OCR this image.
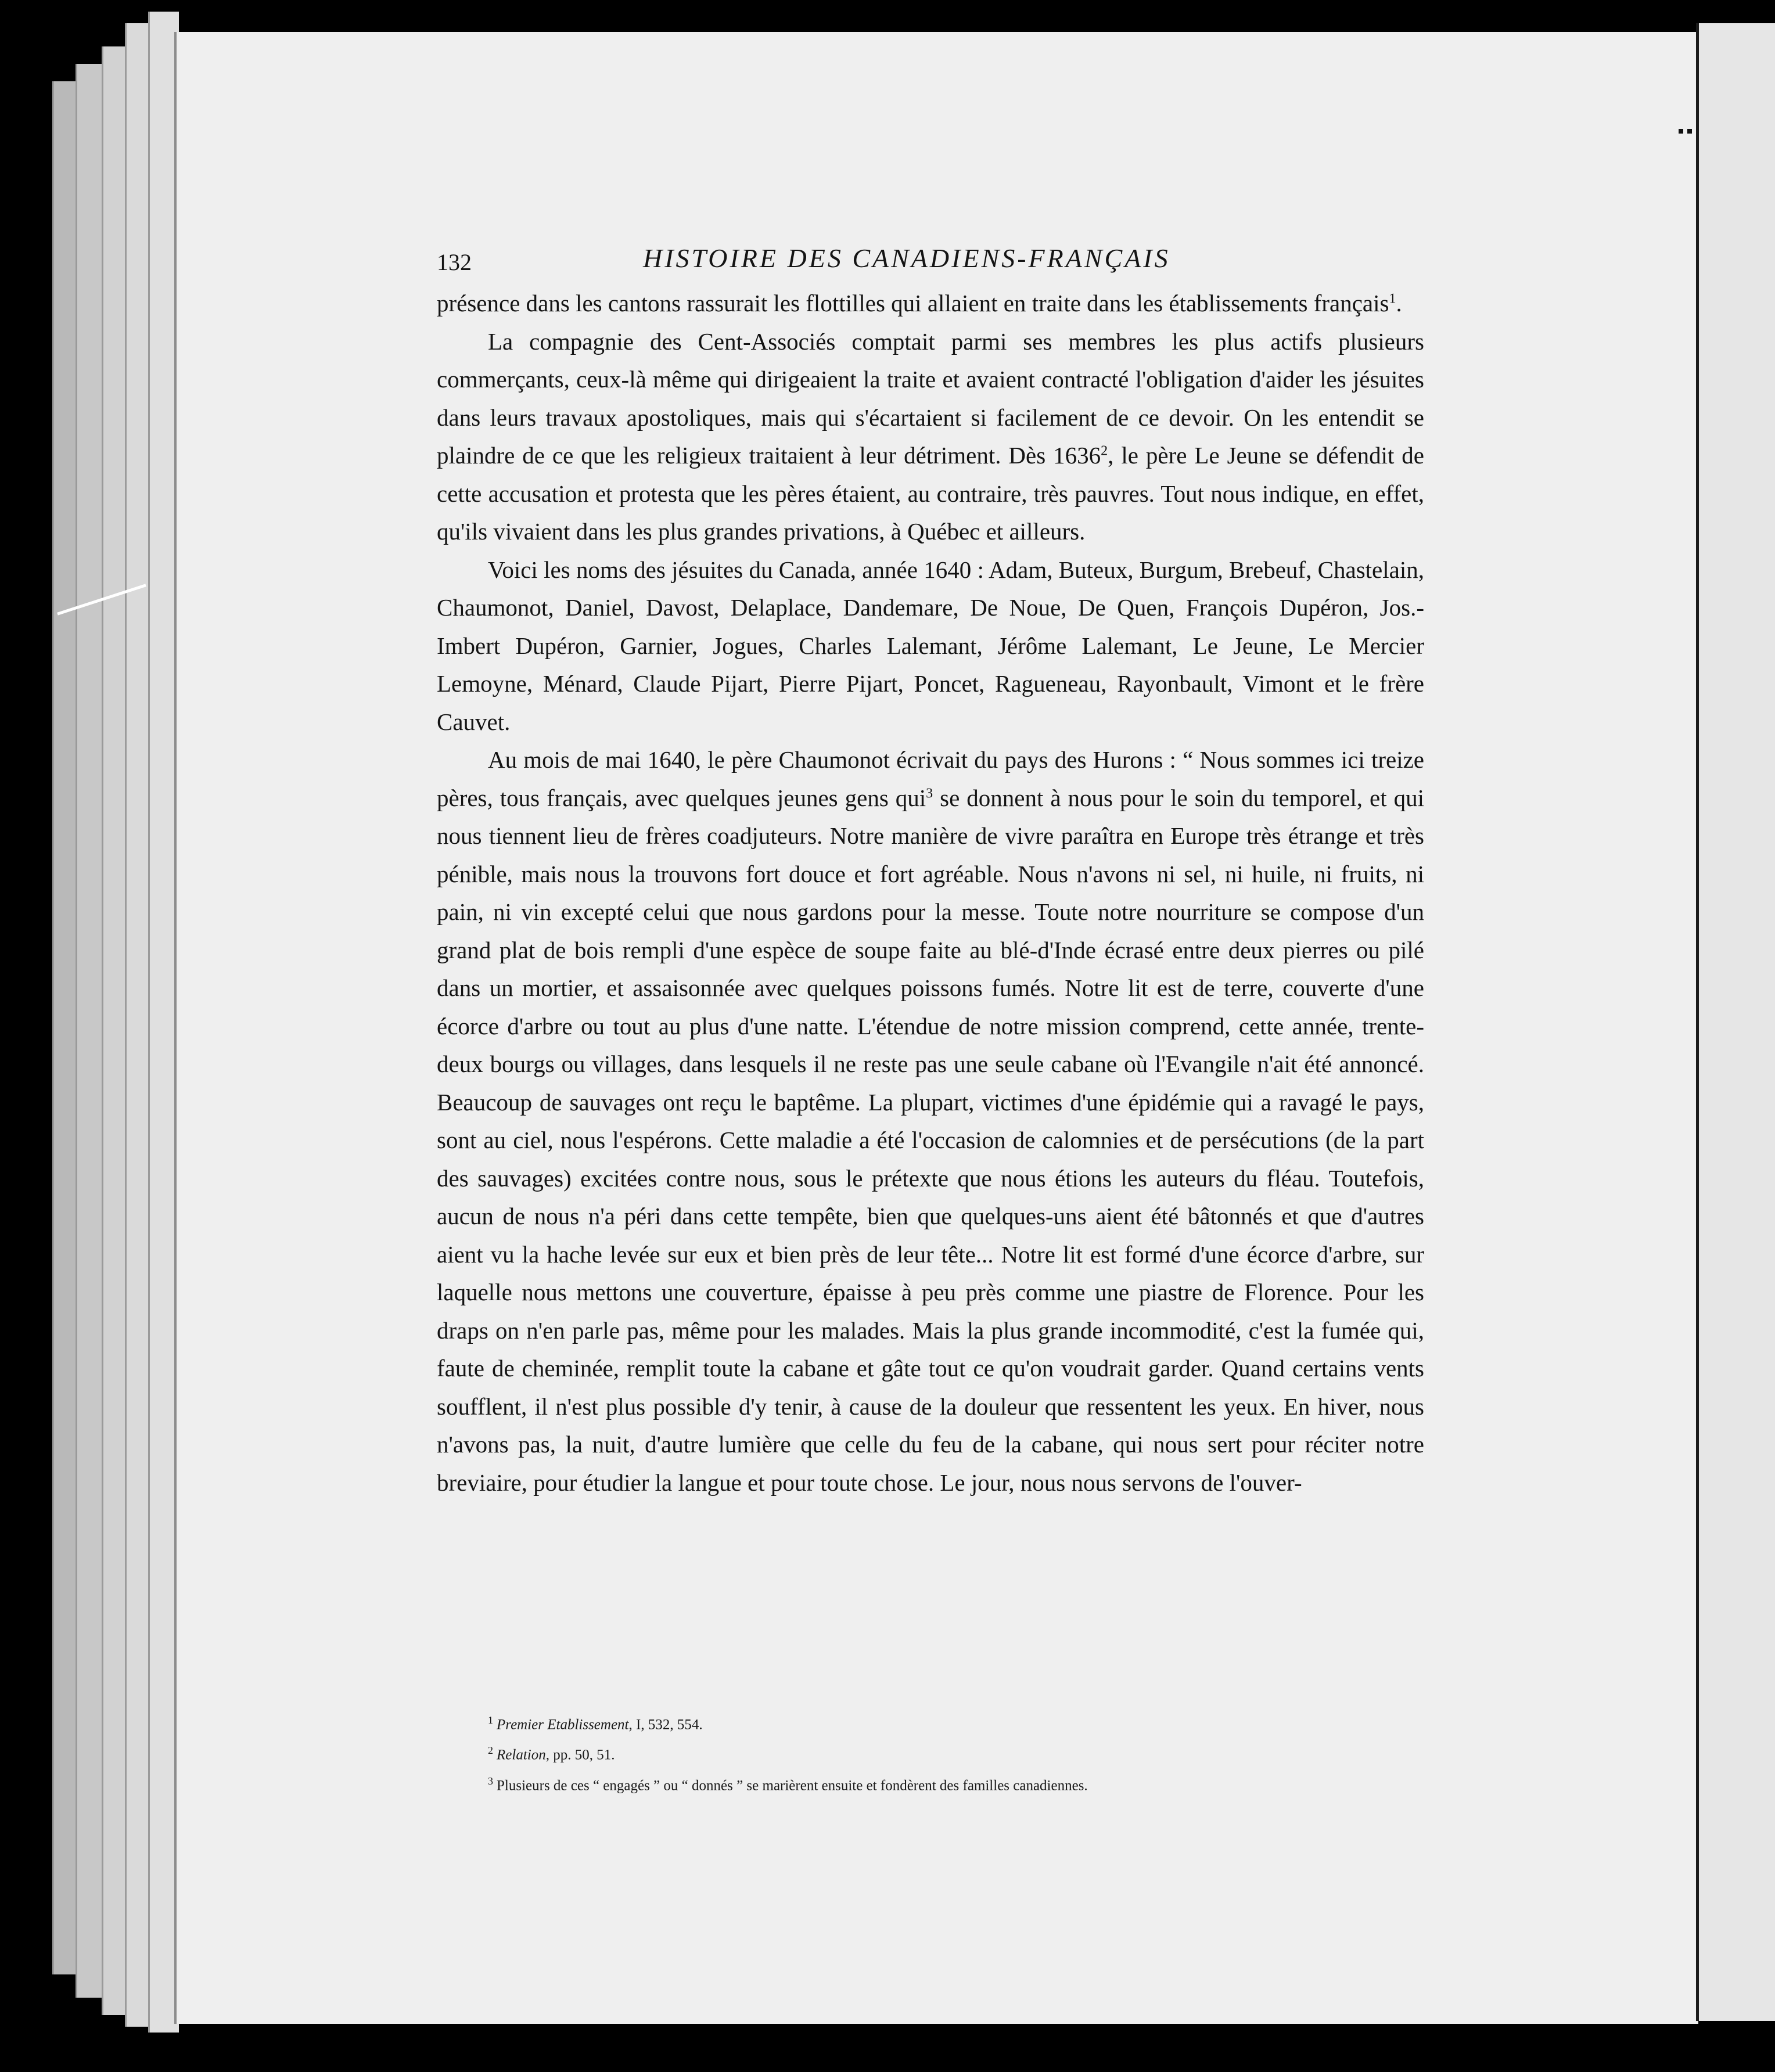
132	HISTOIRE DES CANADIENS-FRANÇAIS

présence dans les cantons rassurait les flottilles qui allaient en traite dans les établissements français$^1$.

La compagnie des Cent-Associés comptait parmi ses membres les plus actifs plusieurs commerçants, ceux-là même qui dirigeaient la traite et avaient contracté l'obligation d'aider les jésuites dans leurs travaux apostoliques, mais qui s'écartaient si facilement de ce devoir. On les entendit se plaindre de ce que les religieux traitaient à leur détriment. Dès 1636$^2$, le père Le Jeune se défendit de cette accusation et protesta que les pères étaient, au contraire, très pauvres. Tout nous indique, en effet, qu'ils vivaient dans les plus grandes privations, à Québec et ailleurs.

Voici les noms des jésuites du Canada, année 1640 : Adam, Buteux, Burgum, Brebeuf, Chastelain, Chaumonot, Daniel, Davost, Delaplace, Dandemare, De Noue, De Quen, François Dupéron, Jos.-Imbert Dupéron, Garnier, Jogues, Charles Lalemant, Jérôme Lalemant, Le Jeune, Le Mercier Lemoyne, Ménard, Claude Pijart, Pierre Pijart, Poncet, Ragueneau, Rayonbault, Vimont et le frère Cauvet.

Au mois de mai 1640, le père Chaumonot écrivait du pays des Hurons : “ Nous sommes ici treize pères, tous français, avec quelques jeunes gens qui$^3$ se donnent à nous pour le soin du temporel, et qui nous tiennent lieu de frères coadjuteurs. Notre manière de vivre paraîtra en Europe très étrange et très pénible, mais nous la trouvons fort douce et fort agréable. Nous n'avons ni sel, ni huile, ni fruits, ni pain, ni vin excepté celui que nous gardons pour la messe. Toute notre nourriture se compose d'un grand plat de bois rempli d'une espèce de soupe faite au blé-d'Inde écrasé entre deux pierres ou pilé dans un mortier, et assaisonnée avec quelques poissons fumés. Notre lit est de terre, couverte d'une écorce d'arbre ou tout au plus d'une natte. L'étendue de notre mission comprend, cette année, trente-deux bourgs ou villages, dans lesquels il ne reste pas une seule cabane où l'Evangile n'ait été annoncé. Beaucoup de sauvages ont reçu le baptême. La plupart, victimes d'une épidémie qui a ravagé le pays, sont au ciel, nous l'espérons. Cette maladie a été l'occasion de calomnies et de persécutions (de la part des sauvages) excitées contre nous, sous le prétexte que nous étions les auteurs du fléau. Toutefois, aucun de nous n'a péri dans cette tempête, bien que quelques-uns aient été bâtonnés et que d'autres aient vu la hache levée sur eux et bien près de leur tête... Notre lit est formé d'une écorce d'arbre, sur laquelle nous mettons une couverture, épaisse à peu près comme une piastre de Florence. Pour les draps on n'en parle pas, même pour les malades. Mais la plus grande incommodité, c'est la fumée qui, faute de cheminée, remplit toute la cabane et gâte tout ce qu'on voudrait garder. Quand certains vents soufflent, il n'est plus possible d'y tenir, à cause de la douleur que ressentent les yeux. En hiver, nous n'avons pas, la nuit, d'autre lumière que celle du feu de la cabane, qui nous sert pour réciter notre breviaire, pour étudier la langue et pour toute chose. Le jour, nous nous servons de l'ouver-

$^1$ Premier Etablissement, I, 532, 554.

$^2$ Relation, pp. 50, 51.

$^3$ Plusieurs de ces “ engagés ” ou “ donnés ” se marièrent ensuite et fondèrent des familles canadiennes.
